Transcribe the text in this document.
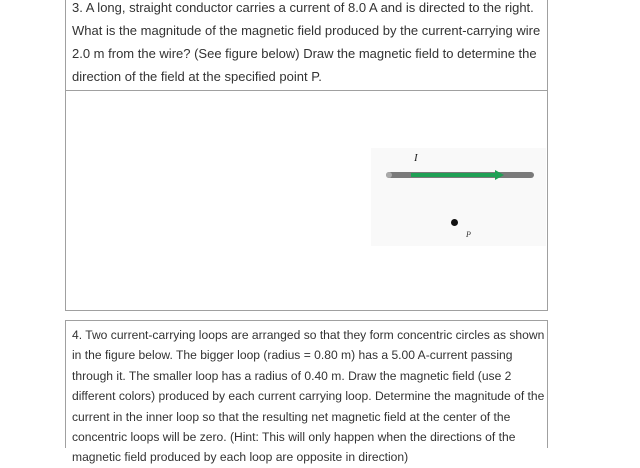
3. A long, straight conductor carries a current of 8.0 A and is directed to the right. What is the magnitude of the magnetic field produced by the current-carrying wire 2.0 m from the wire? (See figure below) Draw the magnetic field to determine the direction of the field at the specified point P.

I
P

4. Two current-carrying loops are arranged so that they form concentric circles as shown in the figure below. The bigger loop (radius = 0.80 m) has a 5.00 A-current passing through it. The smaller loop has a radius of 0.40 m. Draw the magnetic field (use 2 different colors) produced by each current carrying loop. Determine the magnitude of the current in the inner loop so that the resulting net magnetic field at the center of the concentric loops will be zero. (Hint: This will only happen when the directions of the magnetic field produced by each loop are opposite in direction)
